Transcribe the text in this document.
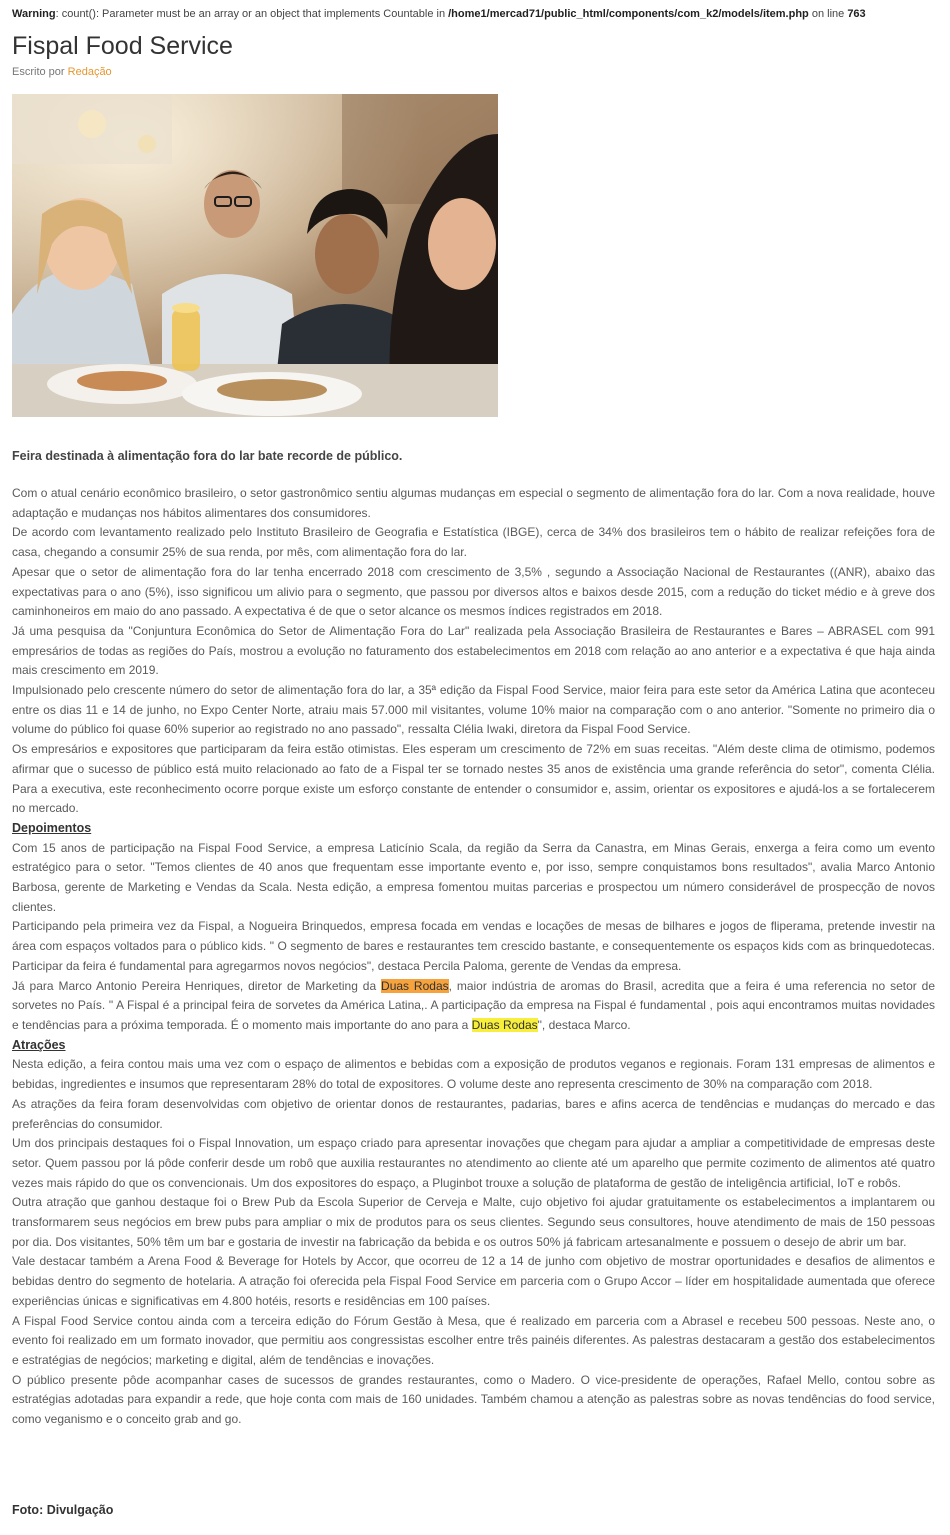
Warning: count(): Parameter must be an array or an object that implements Countable in /home1/mercad71/public_html/components/com_k2/models/item.php on line 763
Fispal Food Service
Escrito por Redação
Feira destinada à alimentação fora do lar bate recorde de público.

Com o atual cenário econômico brasileiro, o setor gastronômico sentiu algumas mudanças em especial o segmento de alimentação fora do lar. Com a nova realidade, houve adaptação e mudanças nos hábitos alimentares dos consumidores.

De acordo com levantamento realizado pelo Instituto Brasileiro de Geografia e Estatística (IBGE), cerca de 34% dos brasileiros tem o hábito de realizar refeições fora de casa, chegando a consumir 25% de sua renda, por mês, com alimentação fora do lar.

Apesar que o setor de alimentação fora do lar tenha encerrado 2018 com crescimento de 3,5% , segundo a Associação Nacional de Restaurantes ((ANR), abaixo das expectativas para o ano (5%), isso significou um alivio para o segmento, que passou por diversos altos e baixos desde 2015, com a redução do ticket médio e à greve dos caminhoneiros em maio do ano passado. A expectativa é de que o setor alcance os mesmos índices registrados em 2018.

Já uma pesquisa da "Conjuntura Econômica do Setor de Alimentação Fora do Lar" realizada pela Associação Brasileira de Restaurantes e Bares – ABRASEL com 991 empresários de todas as regiões do País, mostrou a evolução no faturamento dos estabelecimentos em 2018 com relação ao ano anterior e a expectativa é que haja ainda mais crescimento em 2019.

Impulsionado pelo crescente número do setor de alimentação fora do lar, a 35ª edição da Fispal Food Service, maior feira para este setor da América Latina que aconteceu entre os dias 11 e 14 de junho, no Expo Center Norte, atraiu mais 57.000 mil visitantes, volume 10% maior na comparação com o ano anterior. "Somente no primeiro dia o volume do público foi quase 60% superior ao registrado no ano passado", ressalta Clélia Iwaki, diretora da Fispal Food Service.

Os empresários e expositores que participaram da feira estão otimistas. Eles esperam um crescimento de 72% em suas receitas. "Além deste clima de otimismo, podemos afirmar que o sucesso de público está muito relacionado ao fato de a Fispal ter se tornado nestes 35 anos de existência uma grande referência do setor", comenta Clélia. Para a executiva, este reconhecimento ocorre porque existe um esforço constante de entender o consumidor e, assim, orientar os expositores e ajudá-los a se fortalecerem no mercado.

Depoimentos

Com 15 anos de participação na Fispal Food Service, a empresa Laticínio Scala, da região da Serra da Canastra, em Minas Gerais, enxerga a feira como um evento estratégico para o setor. "Temos clientes de 40 anos que frequentam esse importante evento e, por isso, sempre conquistamos bons resultados", avalia Marco Antonio Barbosa, gerente de Marketing e Vendas da Scala. Nesta edição, a empresa fomentou muitas parcerias e prospectou um número considerável de prospecção de novos clientes.

Participando pela primeira vez da Fispal, a Nogueira Brinquedos, empresa focada em vendas e locações de mesas de bilhares e jogos de fliperama, pretende investir na área com espaços voltados para o público kids. " O segmento de bares e restaurantes tem crescido bastante, e consequentemente os espaços kids com as brinquedotecas. Participar da feira é fundamental para agregarmos novos negócios", destaca Percila Paloma, gerente de Vendas da empresa.

Já para Marco Antonio Pereira Henriques, diretor de Marketing da Duas Rodas, maior indústria de aromas do Brasil, acredita que a feira é uma referencia no setor de sorvetes no País. " A Fispal é a principal feira de sorvetes da América Latina,. A participação da empresa na Fispal é fundamental , pois aqui encontramos muitas novidades e tendências para a próxima temporada. É o momento mais importante do ano para a Duas Rodas", destaca Marco.

Atrações

Nesta edição, a feira contou mais uma vez com o espaço de alimentos e bebidas com a exposição de produtos veganos e regionais. Foram 131 empresas de alimentos e bebidas, ingredientes e insumos que representaram 28% do total de expositores. O volume deste ano representa crescimento de 30% na comparação com 2018.

As atrações da feira foram desenvolvidas com objetivo de orientar donos de restaurantes, padarias, bares e afins acerca de tendências e mudanças do mercado e das preferências do consumidor.

Um dos principais destaques foi o Fispal Innovation, um espaço criado para apresentar inovações que chegam para ajudar a ampliar a competitividade de empresas deste setor. Quem passou por lá pôde conferir desde um robô que auxilia restaurantes no atendimento ao cliente até um aparelho que permite cozimento de alimentos até quatro vezes mais rápido do que os convencionais. Um dos expositores do espaço, a Pluginbot trouxe a solução de plataforma de gestão de inteligência artificial, IoT e robôs.

Outra atração que ganhou destaque foi o Brew Pub da Escola Superior de Cerveja e Malte, cujo objetivo foi ajudar gratuitamente os estabelecimentos a implantarem ou transformarem seus negócios em brew pubs para ampliar o mix de produtos para os seus clientes. Segundo seus consultores, houve atendimento de mais de 150 pessoas por dia. Dos visitantes, 50% têm um bar e gostaria de investir na fabricação da bebida e os outros 50% já fabricam artesanalmente e possuem o desejo de abrir um bar.

Vale destacar também a Arena Food & Beverage for Hotels by Accor, que ocorreu de 12 a 14 de junho com objetivo de mostrar oportunidades e desafios de alimentos e bebidas dentro do segmento de hotelaria. A atração foi oferecida pela Fispal Food Service em parceria com o Grupo Accor – líder em hospitalidade aumentada que oferece experiências únicas e significativas em 4.800 hotéis, resorts e residências em 100 países.

A Fispal Food Service contou ainda com a terceira edição do Fórum Gestão à Mesa, que é realizado em parceria com a Abrasel e recebeu 500 pessoas. Neste ano, o evento foi realizado em um formato inovador, que permitiu aos congressistas escolher entre três painéis diferentes. As palestras destacaram a gestão dos estabelecimentos e estratégias de negócios; marketing e digital, além de tendências e inovações.

O público presente pôde acompanhar cases de sucessos de grandes restaurantes, como o Madero. O vice-presidente de operações, Rafael Mello, contou sobre as estratégias adotadas para expandir a rede, que hoje conta com mais de 160 unidades. Também chamou a atenção as palestras sobre as novas tendências do food service, como veganismo e o conceito grab and go.

Foto: Divulgação
